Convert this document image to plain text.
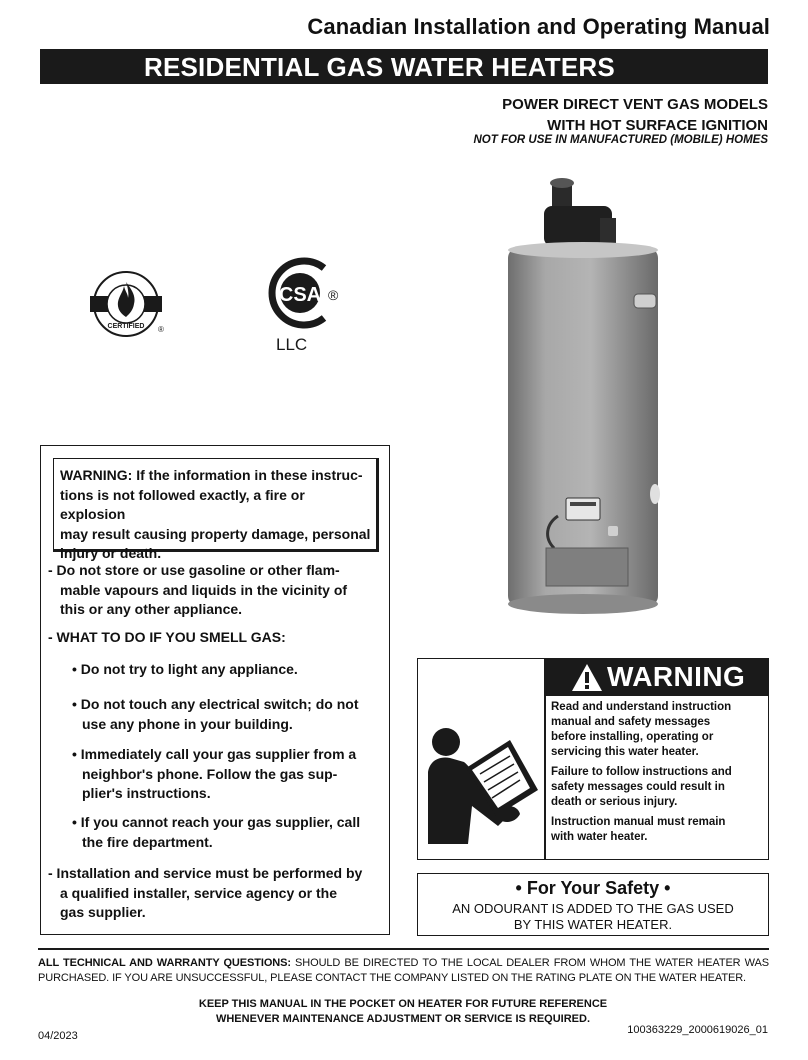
Canadian Installation and Operating Manual
RESIDENTIAL GAS WATER HEATERS
POWER DIRECT VENT GAS MODELS
WITH HOT SURFACE IGNITION
NOT FOR USE IN MANUFACTURED (MOBILE) HOMES
CERTIFIED ®
CSA ®
LLC
WARNING: If the information in these instruc-
tions is not followed exactly, a fire or explosion
may result causing property damage, personal
injury or death.
- Do not store or use gasoline or other flam-
mable vapours and liquids in the vicinity of
this or any other appliance.
- WHAT TO DO IF YOU SMELL GAS:
• Do not try to light any appliance.
• Do not touch any electrical switch; do not
use any phone in your building.
• Immediately call your gas supplier from a
neighbor's phone. Follow the gas sup-
plier's instructions.
• If you cannot reach your gas supplier, call
the fire department.
- Installation and service must be performed by
a qualified installer, service agency or the
gas supplier.
WARNING
Read and understand instruction
manual and safety messages
before installing, operating or
servicing this water heater.
Failure to follow instructions and
safety messages could result in
death or serious injury.
Instruction manual must remain
with water heater.
• For Your Safety •
AN ODOURANT IS ADDED TO THE GAS USED
BY THIS WATER HEATER.
ALL TECHNICAL AND WARRANTY QUESTIONS: SHOULD BE DIRECTED TO THE LOCAL DEALER FROM WHOM THE WATER HEATER WAS PURCHASED. IF YOU ARE UNSUCCESSFUL, PLEASE CONTACT THE COMPANY LISTED ON THE RATING PLATE ON THE WATER HEATER.
KEEP THIS MANUAL IN THE POCKET ON HEATER FOR FUTURE REFERENCE
WHENEVER MAINTENANCE ADJUSTMENT OR SERVICE IS REQUIRED.
04/2023	100363229_2000619026_01
